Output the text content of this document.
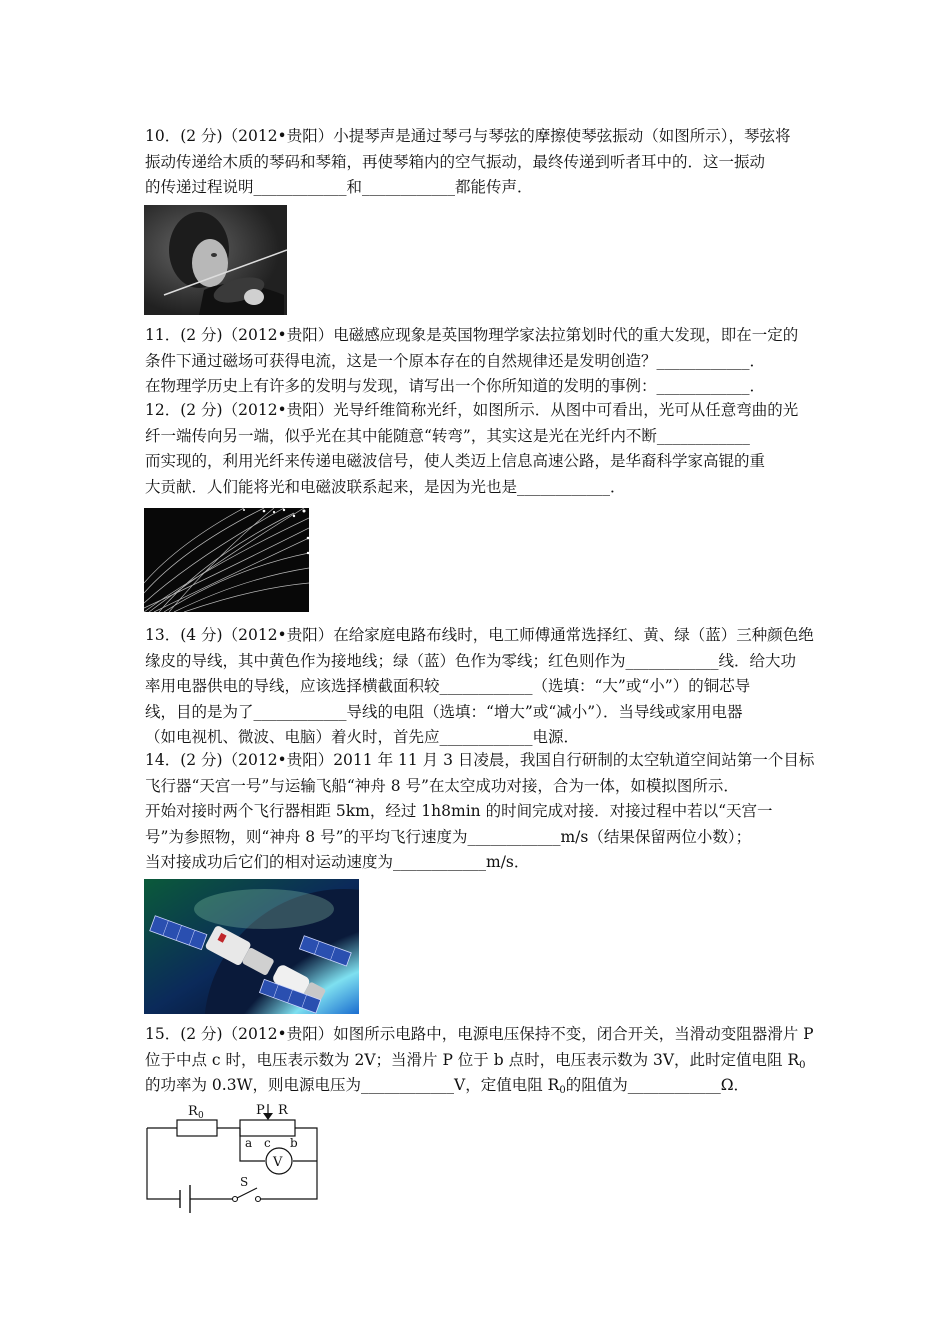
10．(2 分)（2012•贵阳）小提琴声是通过琴弓与琴弦的摩擦使琴弦振动（如图所示），琴弦将
振动传递给木质的琴码和琴箱，再使琴箱内的空气振动，最终传递到听者耳中的．这一振动
的传递过程说明____________和____________都能传声．
11．(2 分)（2012•贵阳）电磁感应现象是英国物理学家法拉第划时代的重大发现，即在一定的
条件下通过磁场可获得电流，这是一个原本存在的自然规律还是发明创造？____________．
在物理学历史上有许多的发明与发现，请写出一个你所知道的发明的事例：____________．
12．(2 分)（2012•贵阳）光导纤维简称光纤，如图所示．从图中可看出，光可从任意弯曲的光
纤一端传向另一端，似乎光在其中能随意“转弯”，其实这是光在光纤内不断____________
而实现的，利用光纤来传递电磁波信号，使人类迈上信息高速公路，是华裔科学家高锟的重
大贡献．人们能将光和电磁波联系起来，是因为光也是____________．
13．(4 分)（2012•贵阳）在给家庭电路布线时，电工师傅通常选择红、黄、绿（蓝）三种颜色绝
缘皮的导线，其中黄色作为接地线；绿（蓝）色作为零线；红色则作为____________线．给大功
率用电器供电的导线，应该选择横截面积较____________（选填：“大”或“小”）的铜芯导
线，目的是为了____________导线的电阻（选填：“增大”或“减小”）．当导线或家用电器
（如电视机、微波、电脑）着火时，首先应____________电源．
14．(2 分)（2012•贵阳）2011 年 11 月 3 日凌晨，我国自行研制的太空轨道空间站第一个目标
飞行器“天宫一号”与运输飞船“神舟 8 号”在太空成功对接，合为一体，如模拟图所示．
开始对接时两个飞行器相距 5km，经过 1h8min 的时间完成对接．对接过程中若以“天宫一
号”为参照物，则“神舟 8 号”的平均飞行速度为____________m/s（结果保留两位小数）；
当对接成功后它们的相对运动速度为____________m/s．
15．(2 分)（2012•贵阳）如图所示电路中，电源电压保持不变，闭合开关，当滑动变阻器滑片 P
位于中点 c 时，电压表示数为 2V；当滑片 P 位于 b 点时，电压表示数为 3V，此时定值电阻 $R_0$
的功率为 0.3W，则电源电压为____________V，定值电阻 $R_0$的阻值为____________Ω．
R 0	P R
a c b
V
S
